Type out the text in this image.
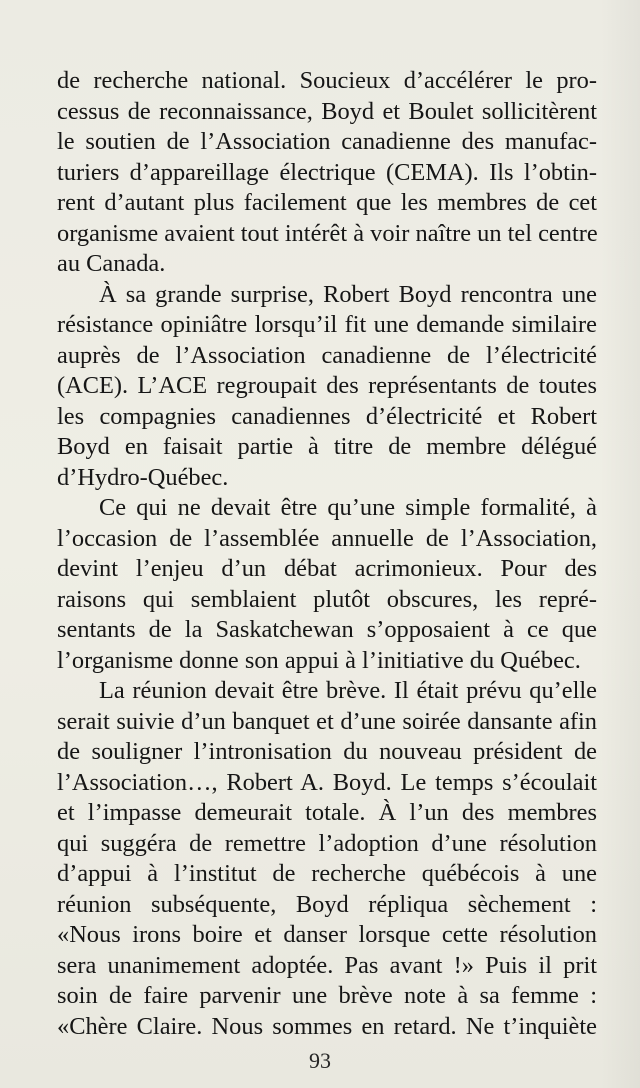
de recherche national. Soucieux d’accélérer le pro-
cessus de reconnaissance, Boyd et Boulet sollicitèrent
le soutien de l’Association canadienne des manufac-
turiers d’appareillage électrique (CEMA). Ils l’obtin-
rent d’autant plus facilement que les membres de cet
organisme avaient tout intérêt à voir naître un tel centre
au Canada.
À sa grande surprise, Robert Boyd rencontra une
résistance opiniâtre lorsqu’il fit une demande similaire
auprès de l’Association canadienne de l’électricité
(ACE). L’ACE regroupait des représentants de toutes
les compagnies canadiennes d’électricité et Robert
Boyd en faisait partie à titre de membre délégué
d’Hydro-Québec.
Ce qui ne devait être qu’une simple formalité, à
l’occasion de l’assemblée annuelle de l’Association,
devint l’enjeu d’un débat acrimonieux. Pour des
raisons qui semblaient plutôt obscures, les repré-
sentants de la Saskatchewan s’opposaient à ce que
l’organisme donne son appui à l’initiative du Québec.
La réunion devait être brève. Il était prévu qu’elle
serait suivie d’un banquet et d’une soirée dansante afin
de souligner l’intronisation du nouveau président de
l’Association…, Robert A. Boyd. Le temps s’écoulait
et l’impasse demeurait totale. À l’un des membres
qui suggéra de remettre l’adoption d’une résolution
d’appui à l’institut de recherche québécois à une
réunion subséquente, Boyd répliqua sèchement :
«Nous irons boire et danser lorsque cette résolution
sera unanimement adoptée. Pas avant !» Puis il prit
soin de faire parvenir une brève note à sa femme :
«Chère Claire. Nous sommes en retard. Ne t’inquiète
93
